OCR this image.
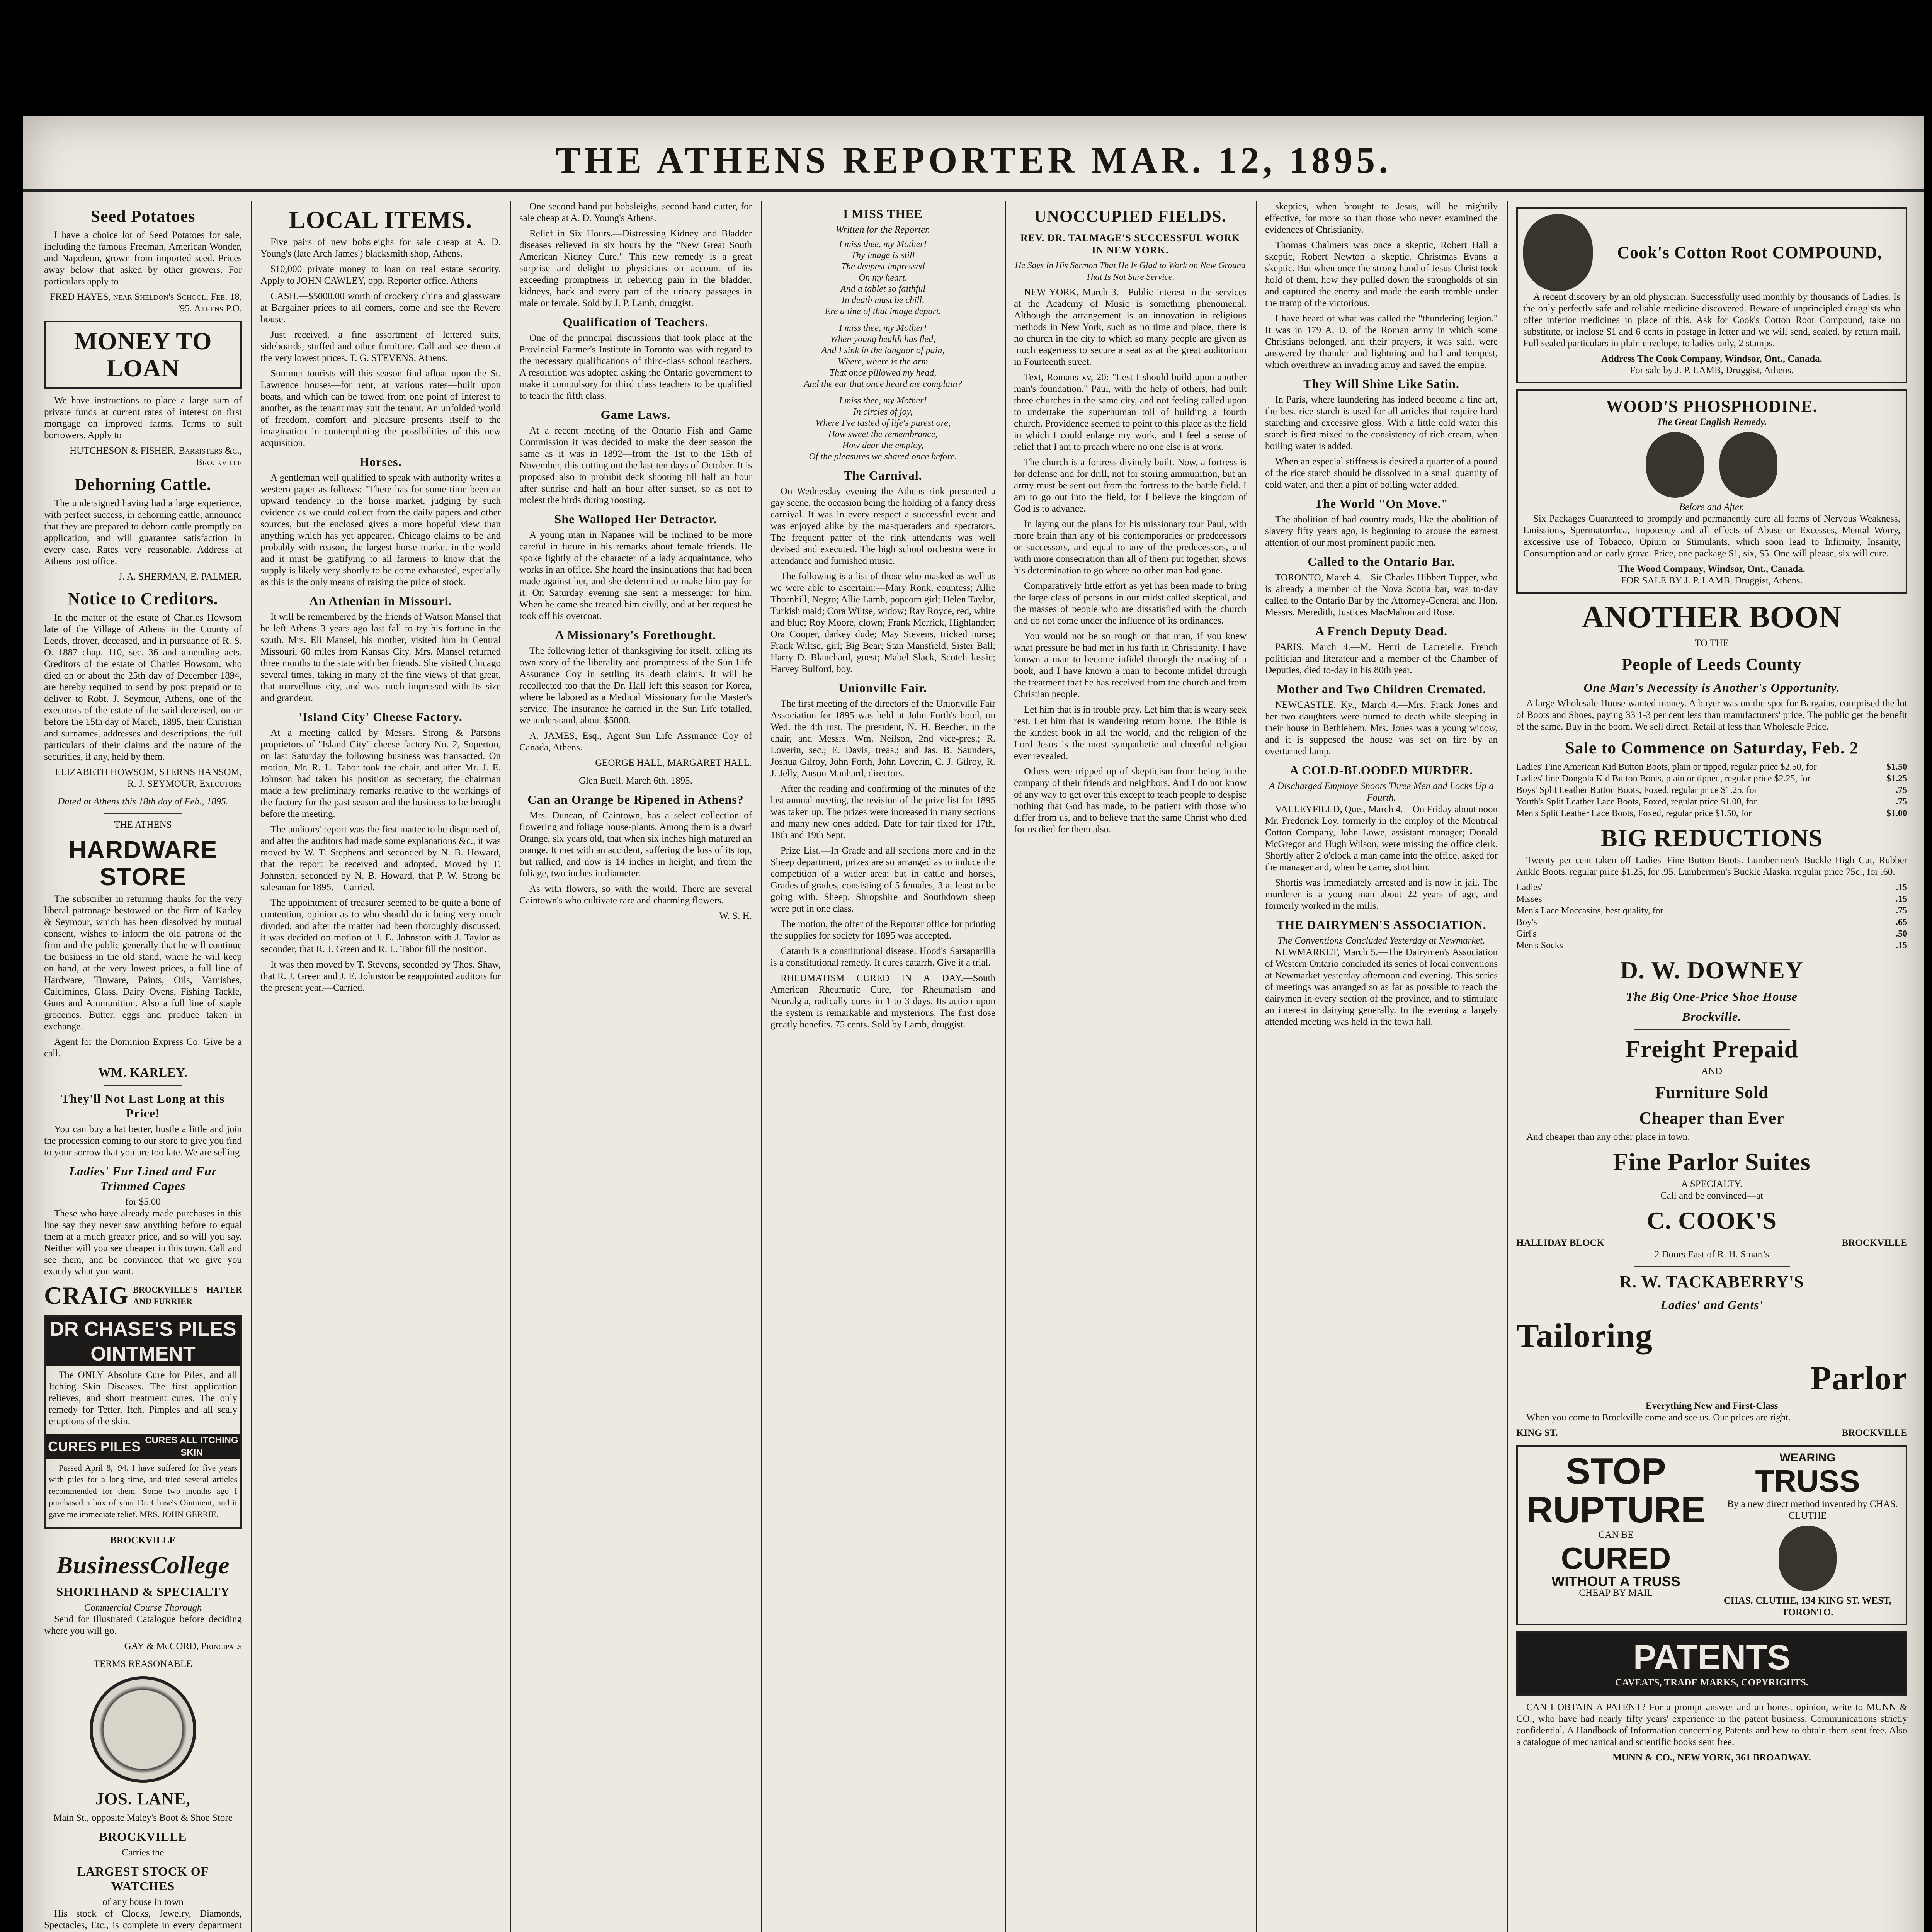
THE ATHENS REPORTER MAR. 12, 1895.
Seed Potatoes

I have a choice lot of Seed Potatoes for sale, including the famous Freeman, American Wonder, and Napoleon, grown from imported seed. Prices away below that asked by other growers. For particulars apply to

FRED HAYES, near Sheldon's School, Feb. 18, '95. Athens P.O.
MONEY TO LOAN

We have instructions to place a large sum of private funds at current rates of interest on first mortgage on improved farms. Terms to suit borrowers. Apply to

HUTCHESON & FISHER, Barristers &c., Brockville
Dehorning Cattle.

The undersigned having had a large experience, with perfect success, in dehorning cattle, announce that they are prepared to dehorn cattle promptly on application, and will guarantee satisfaction in every case. Rates very reasonable. Address at Athens post office.

J. A. SHERMAN, E. PALMER.
Notice to Creditors.

In the matter of the estate of Charles Howsom late of the Village of Athens in the County of Leeds, drover, deceased, and in pursuance of R. S. O. 1887 chap. 110, sec. 36 and amending acts. Creditors of the estate of Charles Howsom, who died on or about the 25th day of December 1894, are hereby required to send by post prepaid or to deliver to Robt. J. Seymour, Athens, one of the executors of the estate of the said deceased, on or before the 15th day of March, 1895, their Christian and surnames, addresses and descriptions, the full particulars of their claims and the nature of the securities, if any, held by them.

ELIZABETH HOWSOM, STERNS HANSOM, R. J. SEYMOUR, Executors
Dated at Athens this 18th day of Feb., 1895.
THE ATHENS
HARDWARE STORE

The subscriber in returning thanks for the very liberal patronage bestowed on the firm of Karley & Seymour, which has been dissolved by mutual consent, wishes to inform the old patrons of the firm and the public generally that he will continue the business in the old stand, where he will keep on hand, at the very lowest prices, a full line of Hardware, Tinware, Paints, Oils, Varnishes, Calcimines, Glass, Dairy Ovens, Fishing Tackle, Guns and Ammunition. Also a full line of staple groceries. Butter, eggs and produce taken in exchange.

Agent for the Dominion Express Co. Give be a call.

WM. KARLEY.
They'll Not Last Long at this Price!

You can buy a hat better, hustle a little and join the procession coming to our store to give you find to your sorrow that you are too late. We are selling

Ladies' Fur Lined and Fur Trimmed Capes
for $5.00

These who have already made purchases in this line say they never saw anything before to equal them at a much greater price, and so will you say. Neither will you see cheaper in this town. Call and see them, and be convinced that we give you exactly what you want.

CRAIG BROCKVILLE'S HATTER AND FURRIER
DR CHASE'S PILES OINTMENT

The ONLY Absolute Cure for Piles, and all Itching Skin Diseases. The first application relieves, and short treatment cures. The only remedy for Tetter, Itch, Pimples and all scaly eruptions of the skin.

CURES PILES CURES ALL ITCHING SKIN

Passed April 8, '94. I have suffered for five years with piles for a long time, and tried several articles recommended for them. Some two months ago I purchased a box of your Dr. Chase's Ointment, and it gave me immediate relief. MRS. JOHN GERRIE.

BROCKVILLE
BusinessCollege
SHORTHAND & SPECIALTY
Commercial Course Thorough

Send for Illustrated Catalogue before deciding where you will go.

GAY & McCORD, Principals
TERMS REASONABLE
JOS. LANE,
Main St., opposite Maley's Boot & Shoe Store
BROCKVILLE
Carries the
LARGEST STOCK OF WATCHES
of any house in town

His stock of Clocks, Jewelry, Diamonds, Spectacles, Etc., is complete in every department

LOCAL ITEMS.

Five pairs of new bobsleighs for sale cheap at A. D. Young's (late Arch James') blacksmith shop, Athens.

$10,000 private money to loan on real estate security. Apply to JOHN CAWLEY, opp. Reporter office, Athens

CASH.—$5000.00 worth of crockery china and glassware at Bargainer prices to all comers, come and see the Revere house.

Just received, a fine assortment of lettered suits, sideboards, stuffed and other furniture. Call and see them at the very lowest prices. T. G. STEVENS, Athens.

Summer tourists will this season find afloat upon the St. Lawrence houses—for rent, at various rates—built upon boats, and which can be towed from one point of interest to another, as the tenant may suit the tenant. An unfolded world of freedom, comfort and pleasure presents itself to the imagination in contemplating the possibilities of this new acquisition.

Horses.

A gentleman well qualified to speak with authority writes a western paper as follows: "There has for some time been an upward tendency in the horse market, judging by such evidence as we could collect from the daily papers and other sources, but the enclosed gives a more hopeful view than anything which has yet appeared. Chicago claims to be and probably with reason, the largest horse market in the world and it must be gratifying to all farmers to know that the supply is likely very shortly to be come exhausted, especially as this is the only means of raising the price of stock.

An Athenian in Missouri.

It will be remembered by the friends of Watson Mansel that he left Athens 3 years ago last fall to try his fortune in the south. Mrs. Eli Mansel, his mother, visited him in Central Missouri, 60 miles from Kansas City. Mrs. Mansel returned three months to the state with her friends. She visited Chicago several times, taking in many of the fine views of that great, that marvellous city, and was much impressed with its size and grandeur.

'Island City' Cheese Factory.

At a meeting called by Messrs. Strong & Parsons proprietors of "Island City" cheese factory No. 2, Soperton, on last Saturday the following business was transacted. On motion, Mr. R. L. Tabor took the chair, and after Mr. J. E. Johnson had taken his position as secretary, the chairman made a few preliminary remarks relative to the workings of the factory for the past season and the business to be brought before the meeting.

The auditors' report was the first matter to be dispensed of, and after the auditors had made some explanations &c., it was moved by W. T. Stephens and seconded by N. B. Howard, that the report be received and adopted. Moved by F. Johnston, seconded by N. B. Howard, that P. W. Strong be salesman for 1895.—Carried.

The appointment of treasurer seemed to be quite a bone of contention, opinion as to who should do it being very much divided, and after the matter had been thoroughly discussed, it was decided on motion of J. E. Johnston with J. Taylor as seconder, that R. J. Green and R. L. Tabor fill the position.

It was then moved by T. Stevens, seconded by Thos. Shaw, that R. J. Green and J. E. Johnston be reappointed auditors for the present year.—Carried.

One second-hand put bobsleighs, second-hand cutter, for sale cheap at A. D. Young's Athens.

Relief in Six Hours.—Distressing Kidney and Bladder diseases relieved in six hours by the "New Great South American Kidney Cure." This new remedy is a great surprise and delight to physicians on account of its exceeding promptness in relieving pain in the bladder, kidneys, back and every part of the urinary passages in male or female. Sold by J. P. Lamb, druggist.

Qualification of Teachers.

One of the principal discussions that took place at the Provincial Farmer's Institute in Toronto was with regard to the necessary qualifications of third-class school teachers. A resolution was adopted asking the Ontario government to make it compulsory for third class teachers to be qualified to teach the fifth class.

Game Laws.

At a recent meeting of the Ontario Fish and Game Commission it was decided to make the deer season the same as it was in 1892—from the 1st to the 15th of November, this cutting out the last ten days of October. It is proposed also to prohibit deck shooting till half an hour after sunrise and half an hour after sunset, so as not to molest the birds during roosting.

She Walloped Her Detractor.

A young man in Napanee will be inclined to be more careful in future in his remarks about female friends. He spoke lightly of the character of a lady acquaintance, who works in an office. She heard the insinuations that had been made against her, and she determined to make him pay for it. On Saturday evening she sent a messenger for him. When he came she treated him civilly, and at her request he took off his overcoat.

A Missionary's Forethought.

The following letter of thanksgiving for itself, telling its own story of the liberality and promptness of the Sun Life Assurance Coy in settling its death claims. It will be recollected too that the Dr. Hall left this season for Korea, where he labored as a Medical Missionary for the Master's service. The insurance he carried in the Sun Life totalled, we understand, about $5000.

A. JAMES, Esq., Agent Sun Life Assurance Coy of Canada, Athens.

GEORGE HALL, MARGARET HALL.
Glen Buell, March 6th, 1895.
Can an Orange be Ripened in Athens?

Mrs. Duncan, of Caintown, has a select collection of flowering and foliage house-plants. Among them is a dwarf Orange, six years old, that when six inches high matured an orange. It met with an accident, suffering the loss of its top, but rallied, and now is 14 inches in height, and from the foliage, two inches in diameter.

As with flowers, so with the world. There are several Caintown's who cultivate rare and charming flowers.

W. S. H.
I MISS THEE
Written for the Reporter.
I miss thee, my Mother!
Thy image is still
The deepest impressed
On my heart.
And a tablet so faithful
In death must be chill,
Ere a line of that image depart.
I miss thee, my Mother!
When young health has fled,
And I sink in the languor of pain,
Where, where is the arm
That once pillowed my head,
And the ear that once heard me complain?
I miss thee, my Mother!
In circles of joy,
Where I've tasted of life's purest ore,
How sweet the remembrance,
How dear the employ,
Of the pleasures we shared once before.
The Carnival.

On Wednesday evening the Athens rink presented a gay scene, the occasion being the holding of a fancy dress carnival. It was in every respect a successful event and was enjoyed alike by the masqueraders and spectators. The frequent patter of the rink attendants was well devised and executed. The high school orchestra were in attendance and furnished music.

The following is a list of those who masked as well as we were able to ascertain:—Mary Ronk, countess; Allie Thornhill, Negro; Allie Lamb, popcorn girl; Helen Taylor, Turkish maid; Cora Wiltse, widow; Ray Royce, red, white and blue; Roy Moore, clown; Frank Merrick, Highlander; Ora Cooper, darkey dude; May Stevens, tricked nurse; Frank Wiltse, girl; Big Bear; Stan Mansfield, Sister Ball; Harry D. Blanchard, guest; Mabel Slack, Scotch lassie; Harvey Bulford, boy.

Unionville Fair.

The first meeting of the directors of the Unionville Fair Association for 1895 was held at John Forth's hotel, on Wed. the 4th inst. The president, N. H. Beecher, in the chair, and Messrs. Wm. Neilson, 2nd vice-pres.; R. Loverin, sec.; E. Davis, treas.; and Jas. B. Saunders, Joshua Gilroy, John Forth, John Loverin, C. J. Gilroy, R. J. Jelly, Anson Manhard, directors.

After the reading and confirming of the minutes of the last annual meeting, the revision of the prize list for 1895 was taken up. The prizes were increased in many sections and many new ones added. Date for fair fixed for 17th, 18th and 19th Sept.

Prize List.—In Grade and all sections more and in the Sheep department, prizes are so arranged as to induce the competition of a wider area; but in cattle and horses, Grades of grades, consisting of 5 females, 3 at least to be going with. Sheep, Shropshire and Southdown sheep were put in one class.

The motion, the offer of the Reporter office for printing the supplies for society for 1895 was accepted.

Catarrh is a constitutional disease. Hood's Sarsaparilla is a constitutional remedy. It cures catarrh. Give it a trial.

RHEUMATISM CURED IN A DAY.—South American Rheumatic Cure, for Rheumatism and Neuralgia, radically cures in 1 to 3 days. Its action upon the system is remarkable and mysterious. The first dose greatly benefits. 75 cents. Sold by Lamb, druggist.

UNOCCUPIED FIELDS.
REV. DR. TALMAGE'S SUCCESSFUL WORK IN NEW YORK.
He Says In His Sermon That He Is Glad to Work on New Ground That Is Not Sure Service.

NEW YORK, March 3.—Public interest in the services at the Academy of Music is something phenomenal. Although the arrangement is an innovation in religious methods in New York, such as no time and place, there is no church in the city to which so many people are given as much eagerness to secure a seat as at the great auditorium in Fourteenth street.

Text, Romans xv, 20: "Lest I should build upon another man's foundation." Paul, with the help of others, had built three churches in the same city, and not feeling called upon to undertake the superhuman toil of building a fourth church. Providence seemed to point to this place as the field in which I could enlarge my work, and I feel a sense of relief that I am to preach where no one else is at work.

The church is a fortress divinely built. Now, a fortress is for defense and for drill, not for storing ammunition, but an army must be sent out from the fortress to the battle field. I am to go out into the field, for I believe the kingdom of God is to advance.

In laying out the plans for his missionary tour Paul, with more brain than any of his contemporaries or predecessors or successors, and equal to any of the predecessors, and with more consecration than all of them put together, shows his determination to go where no other man had gone.

Comparatively little effort as yet has been made to bring the large class of persons in our midst called skeptical, and the masses of people who are dissatisfied with the church and do not come under the influence of its ordinances.

You would not be so rough on that man, if you knew what pressure he had met in his faith in Christianity. I have known a man to become infidel through the reading of a book, and I have known a man to become infidel through the treatment that he has received from the church and from Christian people.

Let him that is in trouble pray. Let him that is weary seek rest. Let him that is wandering return home. The Bible is the kindest book in all the world, and the religion of the Lord Jesus is the most sympathetic and cheerful religion ever revealed.

Others were tripped up of skepticism from being in the company of their friends and neighbors. And I do not know of any way to get over this except to teach people to despise nothing that God has made, to be patient with those who differ from us, and to believe that the same Christ who died for us died for them also.

skeptics, when brought to Jesus, will be mightily effective, for more so than those who never examined the evidences of Christianity.

Thomas Chalmers was once a skeptic, Robert Hall a skeptic, Robert Newton a skeptic, Christmas Evans a skeptic. But when once the strong hand of Jesus Christ took hold of them, how they pulled down the strongholds of sin and captured the enemy and made the earth tremble under the tramp of the victorious.

I have heard of what was called the "thundering legion." It was in 179 A. D. of the Roman army in which some Christians belonged, and their prayers, it was said, were answered by thunder and lightning and hail and tempest, which overthrew an invading army and saved the empire.

They Will Shine Like Satin.

In Paris, where laundering has indeed become a fine art, the best rice starch is used for all articles that require hard starching and excessive gloss. With a little cold water this starch is first mixed to the consistency of rich cream, when boiling water is added.

When an especial stiffness is desired a quarter of a pound of the rice starch should be dissolved in a small quantity of cold water, and then a pint of boiling water added.

The World "On Move."

The abolition of bad country roads, like the abolition of slavery fifty years ago, is beginning to arouse the earnest attention of our most prominent public men.

Called to the Ontario Bar.

TORONTO, March 4.—Sir Charles Hibbert Tupper, who is already a member of the Nova Scotia bar, was to-day called to the Ontario Bar by the Attorney-General and Hon. Messrs. Meredith, Justices MacMahon and Rose.

A French Deputy Dead.

PARIS, March 4.—M. Henri de Lacretelle, French politician and literateur and a member of the Chamber of Deputies, died to-day in his 80th year.

Mother and Two Children Cremated.

NEWCASTLE, Ky., March 4.—Mrs. Frank Jones and her two daughters were burned to death while sleeping in their house in Bethlehem. Mrs. Jones was a young widow, and it is supposed the house was set on fire by an overturned lamp.

A COLD-BLOODED MURDER.
A Discharged Employe Shoots Three Men and Locks Up a Fourth.

VALLEYFIELD, Que., March 4.—On Friday about noon Mr. Frederick Loy, formerly in the employ of the Montreal Cotton Company, John Lowe, assistant manager; Donald McGregor and Hugh Wilson, were missing the office clerk. Shortly after 2 o'clock a man came into the office, asked for the manager and, when he came, shot him.

Shortis was immediately arrested and is now in jail. The murderer is a young man about 22 years of age, and formerly worked in the mills.

THE DAIRYMEN'S ASSOCIATION.
The Conventions Concluded Yesterday at Newmarket.

NEWMARKET, March 5.—The Dairymen's Association of Western Ontario concluded its series of local conventions at Newmarket yesterday afternoon and evening. This series of meetings was arranged so as far as possible to reach the dairymen in every section of the province, and to stimulate an interest in dairying generally. In the evening a largely attended meeting was held in the town hall.

Cook's Cotton Root COMPOUND,

A recent discovery by an old physician. Successfully used monthly by thousands of Ladies. Is the only perfectly safe and reliable medicine discovered. Beware of unprincipled druggists who offer inferior medicines in place of this. Ask for Cook's Cotton Root Compound, take no substitute, or inclose $1 and 6 cents in postage in letter and we will send, sealed, by return mail. Full sealed particulars in plain envelope, to ladies only, 2 stamps.

Address The Cook Company, Windsor, Ont., Canada.
For sale by J. P. LAMB, Druggist, Athens.
WOOD'S PHOSPHODINE.
The Great English Remedy.
Before and After.

Six Packages Guaranteed to promptly and permanently cure all forms of Nervous Weakness, Emissions, Spermatorrhea, Impotency and all effects of Abuse or Excesses, Mental Worry, excessive use of Tobacco, Opium or Stimulants, which soon lead to Infirmity, Insanity, Consumption and an early grave. Price, one package $1, six, $5. One will please, six will cure.

The Wood Company, Windsor, Ont., Canada.
FOR SALE BY J. P. LAMB, Druggist, Athens.
ANOTHER BOON
TO THE
People of Leeds County
One Man's Necessity is Another's Opportunity.

A large Wholesale House wanted money. A buyer was on the spot for Bargains, comprised the lot of Boots and Shoes, paying 33 1-3 per cent less than manufacturers' price. The public get the benefit of the same. Buy in the boom. We sell direct. Retail at less than Wholesale Price.

Sale to Commence on Saturday, Feb. 2
Ladies' Fine American Kid Button Boots, plain or tipped, regular price $2.50, for	$1.50
Ladies' fine Dongola Kid Button Boots, plain or tipped, regular price $2.25, for	$1.25
Boys' Split Leather Button Boots, Foxed, regular price $1.25, for	.75
Youth's Split Leather Lace Boots, Foxed, regular price $1.00, for	.75
Men's Split Leather Lace Boots, Foxed, regular price $1.50, for	$1.00
BIG REDUCTIONS

Twenty per cent taken off Ladies' Fine Button Boots. Lumbermen's Buckle High Cut, Rubber Ankle Boots, regular price $1.25, for .95. Lumbermen's Buckle Alaska, regular price 75c., for .60.

Ladies'	.15
Misses'	.15
Men's Lace Moccasins, best quality, for	.75
Boy's	.65
Girl's	.50
Men's Socks	.15
D. W. DOWNEY
The Big One-Price Shoe House
Brockville.
Freight Prepaid
AND
Furniture Sold
Cheaper than Ever

And cheaper than any other place in town.

Fine Parlor Suites
A SPECIALTY.
Call and be convinced—at
C. COOK'S
HALLIDAY BLOCK	BROCKVILLE
2 Doors East of R. H. Smart's
R. W. TACKABERRY'S
Ladies' and Gents'
Tailoring
Parlor
Everything New and First-Class

When you come to Brockville come and see us. Our prices are right.

KING ST.	BROCKVILLE
STOP
RUPTURE
CAN BE
CURED
WITHOUT A TRUSS
CHEAP BY MAIL
WEARING
TRUSS

By a new direct method invented by CHAS. CLUTHE

CHAS. CLUTHE, 134 KING ST. WEST, TORONTO.
PATENTS
CAVEATS, TRADE MARKS, COPYRIGHTS.

CAN I OBTAIN A PATENT? For a prompt answer and an honest opinion, write to MUNN & CO., who have had nearly fifty years' experience in the patent business. Communications strictly confidential. A Handbook of Information concerning Patents and how to obtain them sent free. Also a catalogue of mechanical and scientific books sent free.

MUNN & CO., NEW YORK, 361 BROADWAY.
